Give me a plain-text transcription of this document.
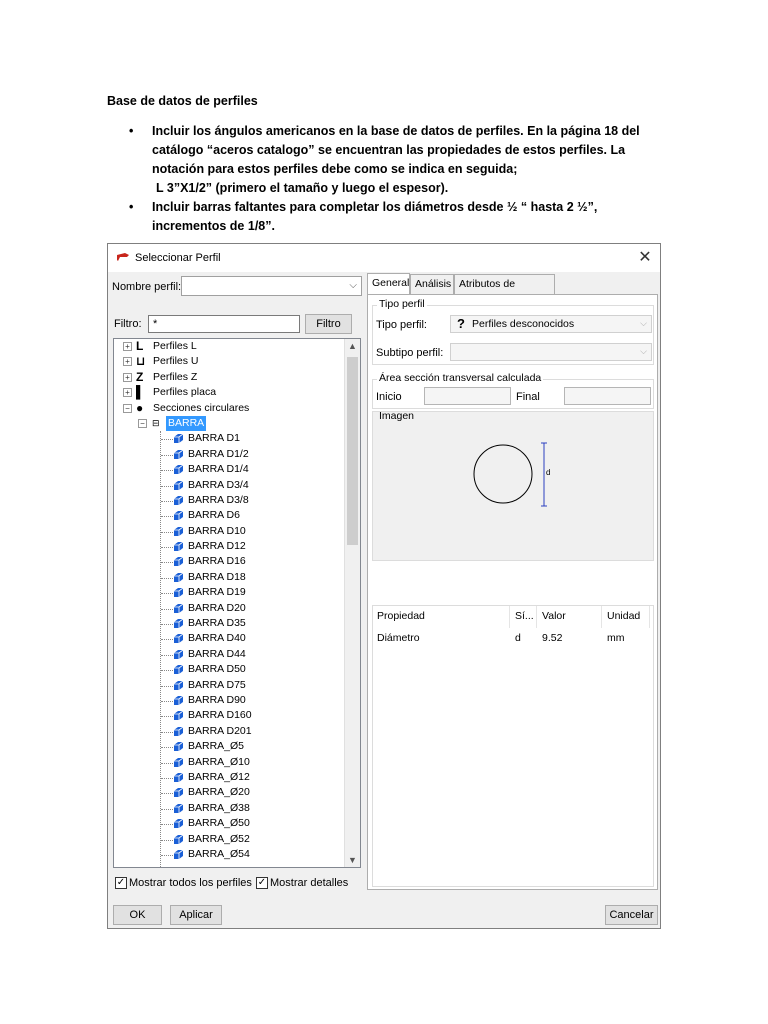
Base de datos de perfiles
• Incluir los ángulos americanos en la base de datos de perfiles. En la página 18 del catálogo “aceros catalogo” se encuentran las propiedades de estos perfiles. La notación para estos perfiles debe como se indica en seguida;
L 3”X1/2” (primero el tamaño y luego el espesor).
• Incluir barras faltantes para completar los diámetros desde ½ “ hasta 2 ½”, incrementos de 1/8”.
Seleccionar Perfil	✕
Nombre perfil:	⌵
Filtro:	*	Filtro
+ L Perfiles L
+ ⊔ Perfiles U
+ Z Perfiles Z
+ ▌ Perfiles placa
− ● Secciones circulares
− ⊟ BARRA
BARRA D1
BARRA D1/2
BARRA D1/4
BARRA D3/4
BARRA D3/8
BARRA D6
BARRA D10
BARRA D12
BARRA D16
BARRA D18
BARRA D19
BARRA D20
BARRA D35
BARRA D40
BARRA D44
BARRA D50
BARRA D75
BARRA D90
BARRA D160
BARRA D201
BARRA_Ø5
BARRA_Ø10
BARRA_Ø12
BARRA_Ø20
BARRA_Ø38
BARRA_Ø50
BARRA_Ø52
BARRA_Ø54
▲
▼
✓ Mostrar todos los perfiles ✓ Mostrar detalles
OK	Aplicar	Cancelar
General Análisis Atributos de
Tipo perfil
Tipo perfil: ? Perfiles desconocidos	⌵
Subtipo perfil:	⌵
Área sección transversal calculada
Inicio	Final
Imagen
d
Propiedad	Sí... Valor	Unidad
Diámetro	d 9.52	mm
